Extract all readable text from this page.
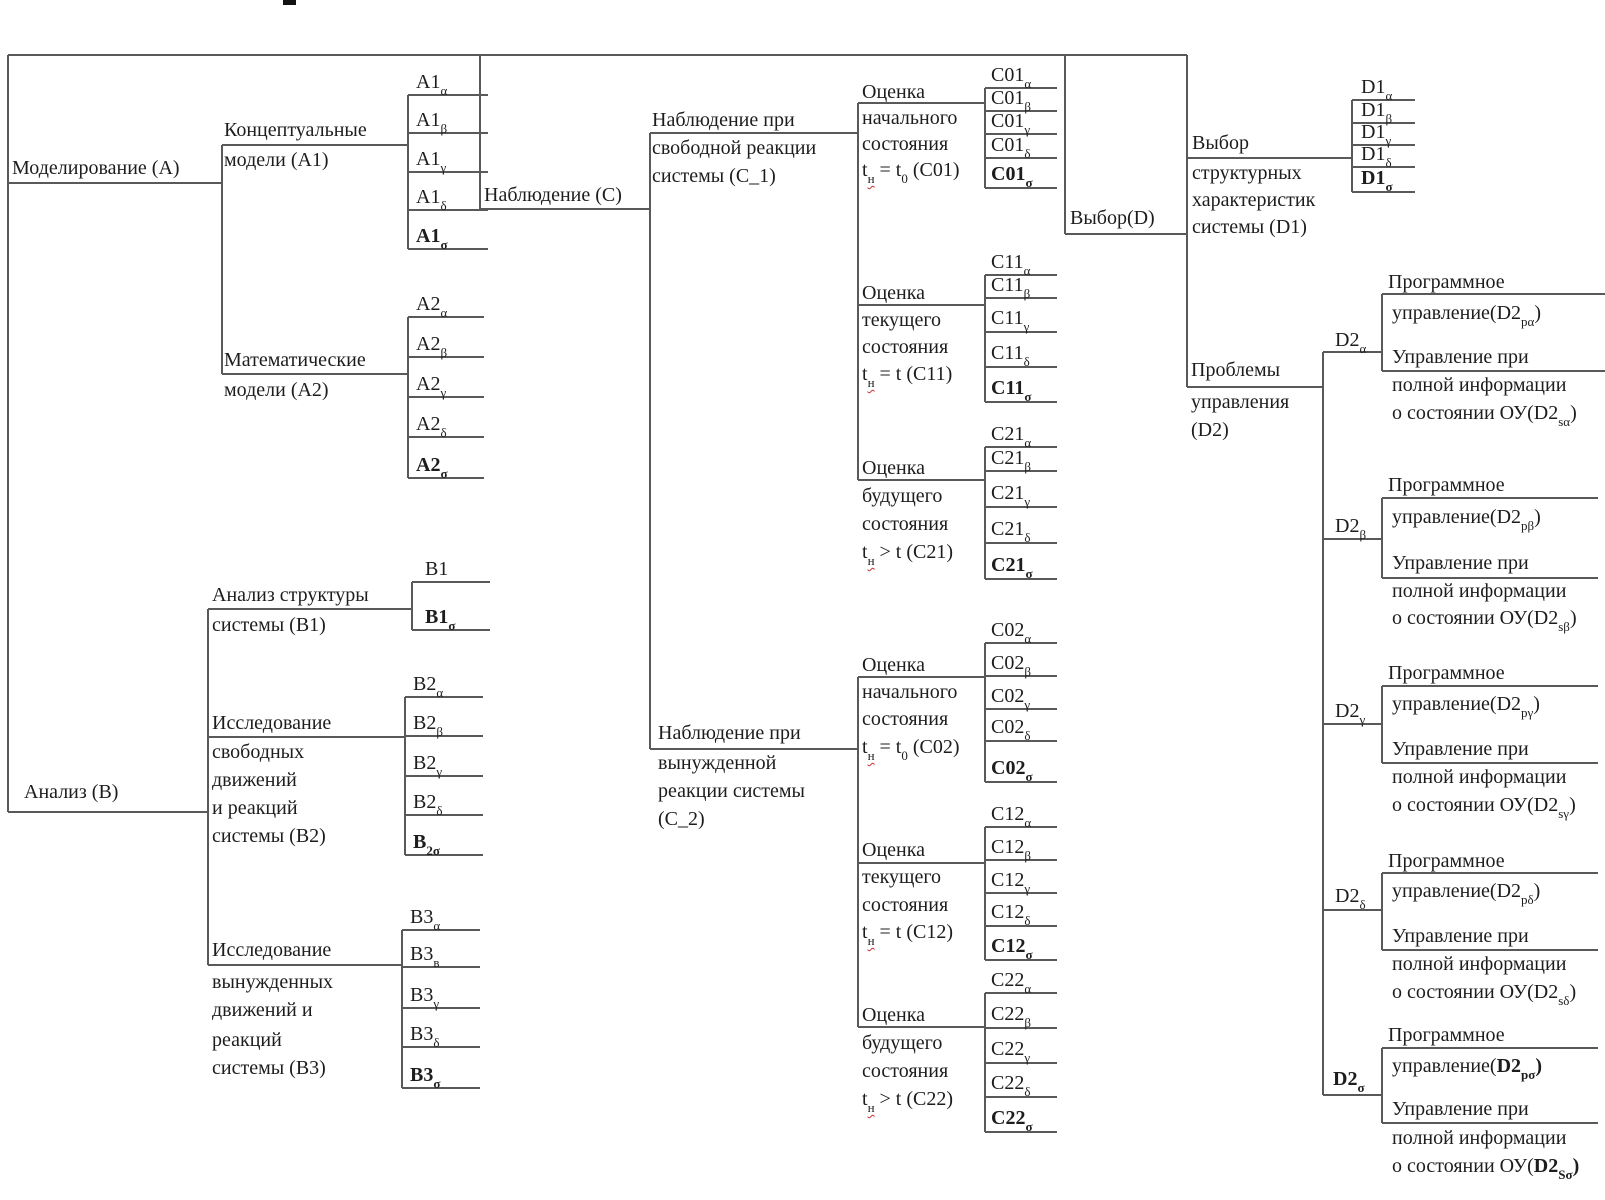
Моделирование (A)
Анализ (B)
Наблюдение (C)
Выбор(D)
Концептуальные
модели (A1)
$A1_\alpha$
$A1_\beta$
$A1_\gamma$
$A1_\delta$
$A1_\sigma$
Математические
модели (A2)
$A2_\alpha$
$A2_\beta$
$A2_\gamma$
$A2_\delta$
$A2_\sigma$
Анализ структуры
системы (B1)
B1
$B1_\sigma$
Исследование
свободных
движений
и реакций
системы (B2)
$B2_\alpha$
$B2_\beta$
$B2_\gamma$
$B2_\delta$
$B_{2\sigma}$
Исследование
вынужденных
движений и
реакций
системы (В3)
$B3_\alpha$
$B3_в$
$B3_\gamma$
$B3_\delta$
$B3_\sigma$
Наблюдение при
свободной реакции
системы (С_1)
Наблюдение при
вынужденной
реакции системы
(С_2)
Оценка
начального
состояния
$t_н = t_0$ (C01)
$C01_\alpha$
$C01_\beta$
$C01_\gamma$
$C01_\delta$
$C01_\sigma$
Оценка
текущего
состояния
$t_н = t$ (C11)
$C11_\alpha$
$C11_\beta$
$C11_\gamma$
$C11_\delta$
$C11_\sigma$
Оценка
будущего
состояния
$t_н > t$ (C21)
$C21_\alpha$
$C21_\beta$
$C21_\gamma$
$C21_\delta$
$C21_\sigma$
Оценка
начального
состояния
$t_н = t_0$ (C02)
$C02_\alpha$
$C02_\beta$
$C02_\gamma$
$C02_\delta$
$C02_\sigma$
Оценка
текущего
состояния
$t_н = t$ (C12)
$C12_\alpha$
$C12_\beta$
$C12_\gamma$
$C12_\delta$
$C12_\sigma$
Оценка
будущего
состояния
$t_н > t$ (C22)
$C22_\alpha$
$C22_\beta$
$C22_\gamma$
$C22_\delta$
$C22_\sigma$
Выбор
структурных
характеристик
системы (D1)
$D1_\alpha$
$D1_\beta$
$D1_\gamma$
$D1_\delta$
$D1_\sigma$
Проблемы
управления
(D2)
$D2_\alpha$
Программное
$управление(D2_{p\alpha})$
Управление при
полной информации
о состоянии $ОУ(D2_{s\alpha})$
$D2_\beta$
Программное
$управление(D2_{p\beta})$
Управление при
полной информации
о состоянии $ОУ(D2_{s\beta})$
$D2_\gamma$
Программное
$управление(D2_{p\gamma})$
Управление при
полной информации
о состоянии $ОУ(D2_{s\gamma})$
$D2_\delta$
Программное
$управление(D2_{p\delta})$
Управление при
полной информации
о состоянии $ОУ(D2_{s\delta})$
$D2_\sigma$
Программное
$управление(D2_{p\sigma})$
Управление при
полной информации
о состоянии $ОУ(D2_{S\sigma})$
